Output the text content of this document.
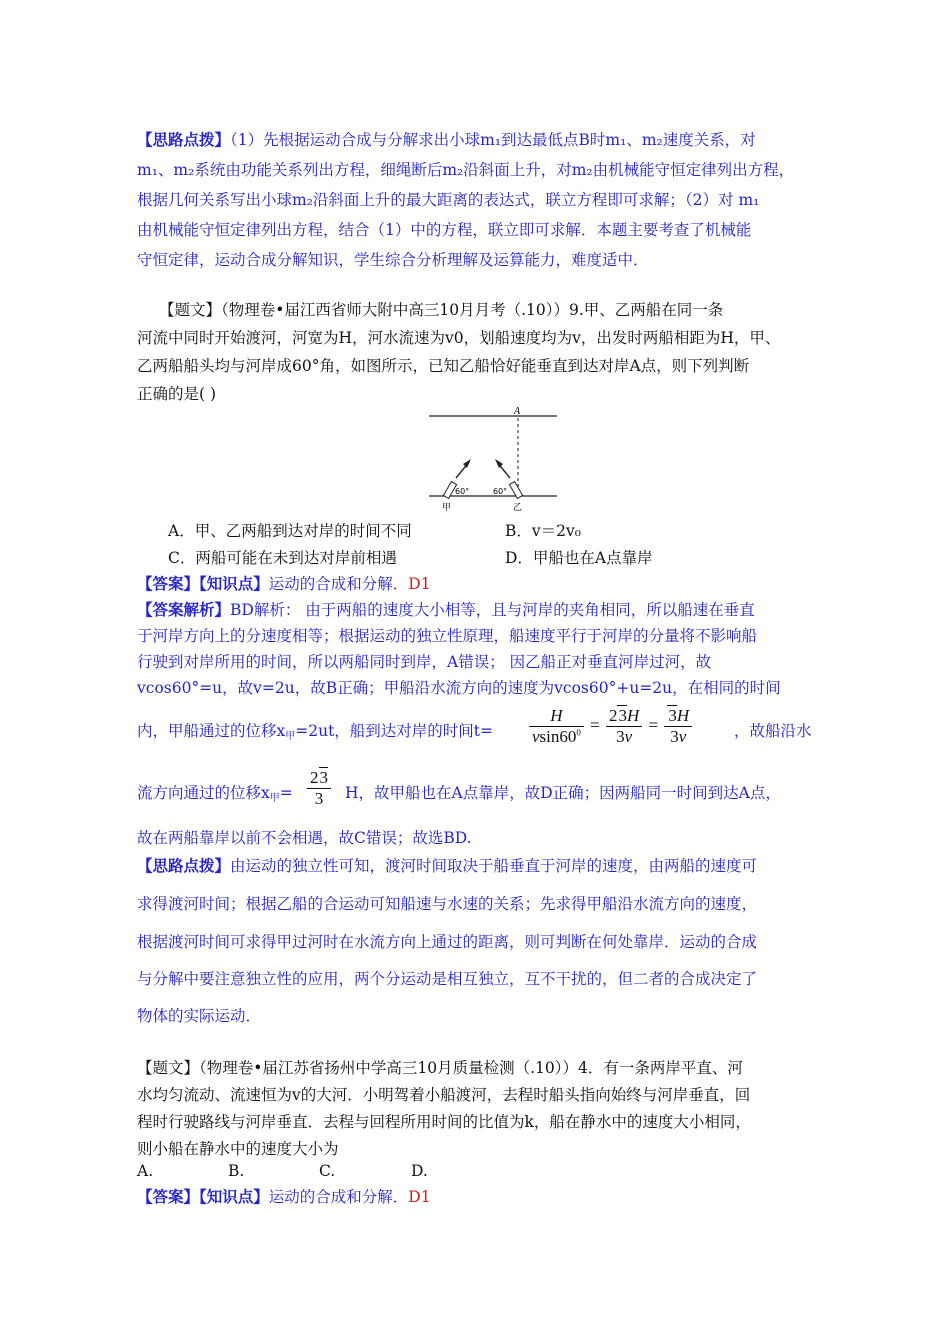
【思路点拨】（1）先根据运动合成与分解求出小球m₁到达最低点B时m₁、m₂速度关系，对
m₁、m₂系统由功能关系列出方程，细绳断后m₂沿斜面上升，对m₂由机械能守恒定律列出方程，
根据几何关系写出小球m₂沿斜面上升的最大距离的表达式，联立方程即可求解；（2）对 m₁
由机械能守恒定律列出方程，结合（1）中的方程，联立即可求解．本题主要考查了机械能
守恒定律，运动合成分解知识，学生综合分析理解及运算能力，难度适中．
【题文】（物理卷•届江西省师大附中高三10月月考（.10））9.甲、乙两船在同一条
河流中同时开始渡河，河宽为H，河水流速为v0，划船速度均为v，出发时两船相距为H，甲、
乙两船船头均与河岸成60°角，如图所示，已知乙船恰好能垂直到达对岸A点，则下列判断
正确的是( )
A
60°	60°
甲	乙
A．甲、乙两船到达对岸的时间不同	B．v＝2v₀
C．两船可能在未到达对岸前相遇	D．甲船也在A点靠岸
【答案】【知识点】运动的合成和分解．D1
【答案解析】BD解析： 由于两船的速度大小相等，且与河岸的夹角相同，所以船速在垂直
于河岸方向上的分速度相等；根据运动的独立性原理，船速度平行于河岸的分量将不影响船
行驶到对岸所用的时间，所以两船同时到岸，A错误； 因乙船正对垂直河岸过河，故
vcos60°=u，故v=2u，故B正确；甲船沿水流方向的速度为vcos60°+u=2u，在相同的时间
内，甲船通过的位移$x_甲=2ut$，船到达对岸的时间$t= \frac{H}{vsin60^0} = \frac{23H}{3v} = \frac{3H}{3v}$	，故船沿水
流方向通过的位移$x_甲= \frac{23}{3}$ H，故甲船也在A点靠岸，故D正确；因两船同一时间到达A点，
故在两船靠岸以前不会相遇，故C错误；故选BD.
【思路点拨】由运动的独立性可知，渡河时间取决于船垂直于河岸的速度，由两船的速度可
求得渡河时间；根据乙船的合运动可知船速与水速的关系；先求得甲船沿水流方向的速度，
根据渡河时间可求得甲过河时在水流方向上通过的距离，则可判断在何处靠岸．运动的合成
与分解中要注意独立性的应用，两个分运动是相互独立，互不干扰的，但二者的合成决定了
物体的实际运动．
【题文】（物理卷•届江苏省扬州中学高三10月质量检测（.10））4．有一条两岸平直、河
水均匀流动、流速恒为v的大河．小明驾着小船渡河，去程时船头指向始终与河岸垂直，回
程时行驶路线与河岸垂直．去程与回程所用时间的比值为k，船在静水中的速度大小相同，
则小船在静水中的速度大小为
A.	B.	C.	D.
【答案】【知识点】运动的合成和分解．D1
